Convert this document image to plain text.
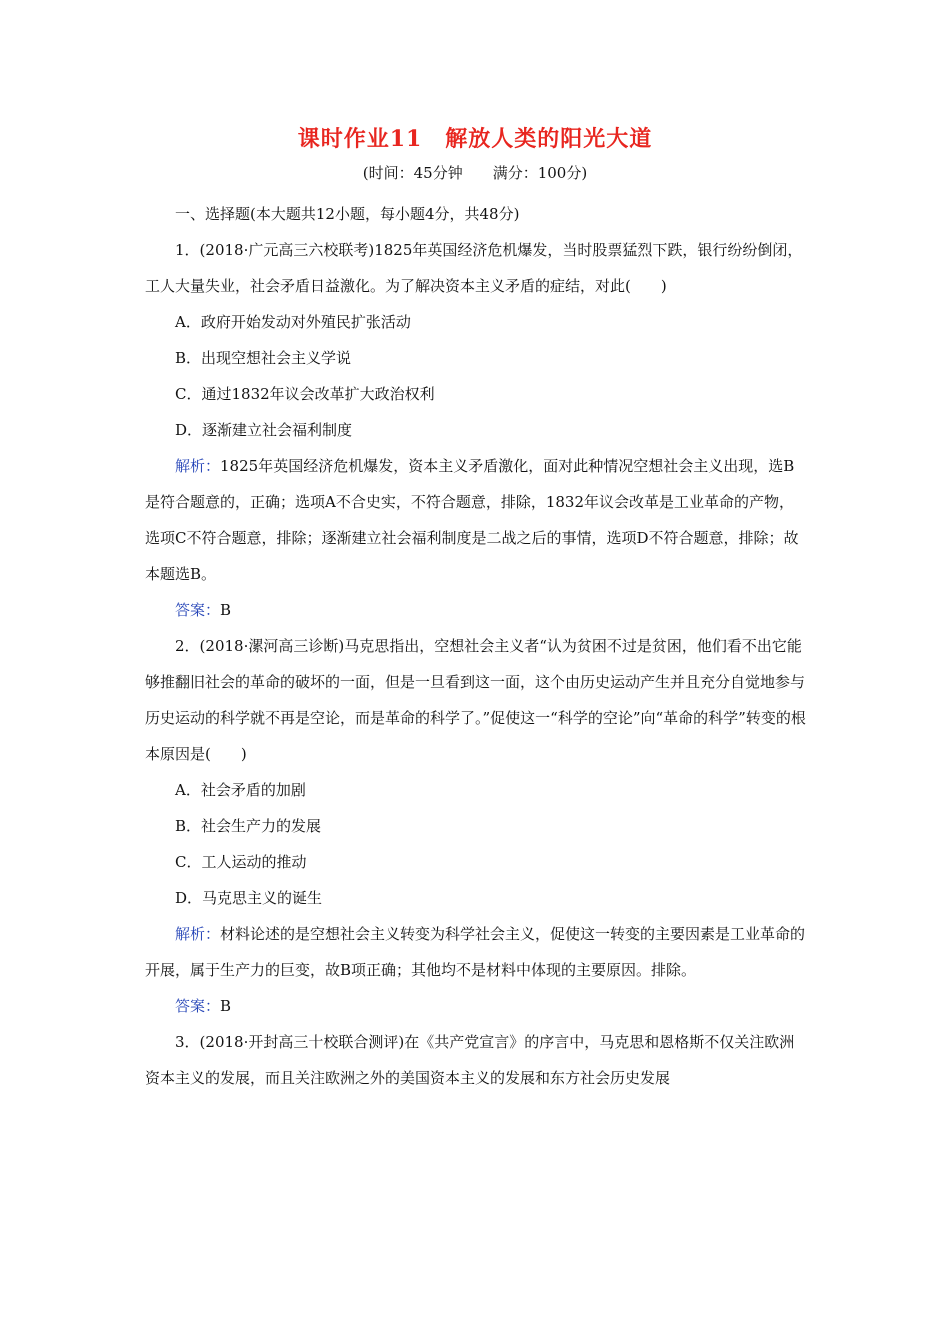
课时作业11　解放人类的阳光大道
(时间：45分钟　　满分：100分)

一、选择题(本大题共12小题，每小题4分，共48分)

1．(2018·广元高三六校联考)1825年英国经济危机爆发，当时股票猛烈下跌，银行纷纷倒闭，工人大量失业，社会矛盾日益激化。为了解决资本主义矛盾的症结，对此(　　)

A．政府开始发动对外殖民扩张活动

B．出现空想社会主义学说

C．通过1832年议会改革扩大政治权利

D．逐渐建立社会福利制度

解析：1825年英国经济危机爆发，资本主义矛盾激化，面对此种情况空想社会主义出现，选B是符合题意的，正确；选项A不合史实，不符合题意，排除，1832年议会改革是工业革命的产物，选项C不符合题意，排除；逐渐建立社会福利制度是二战之后的事情，选项D不符合题意，排除；故本题选B。

答案：B

2．(2018·漯河高三诊断)马克思指出，空想社会主义者“认为贫困不过是贫困，他们看不出它能够推翻旧社会的革命的破坏的一面，但是一旦看到这一面，这个由历史运动产生并且充分自觉地参与历史运动的科学就不再是空论，而是革命的科学了。”促使这一“科学的空论”向“革命的科学”转变的根本原因是(　　)

A．社会矛盾的加剧

B．社会生产力的发展

C．工人运动的推动

D．马克思主义的诞生

解析：材料论述的是空想社会主义转变为科学社会主义，促使这一转变的主要因素是工业革命的开展，属于生产力的巨变，故B项正确；其他均不是材料中体现的主要原因。排除。

答案：B

3．(2018·开封高三十校联合测评)在《共产党宣言》的序言中，马克思和恩格斯不仅关注欧洲资本主义的发展，而且关注欧洲之外的美国资本主义的发展和东方社会历史发展
